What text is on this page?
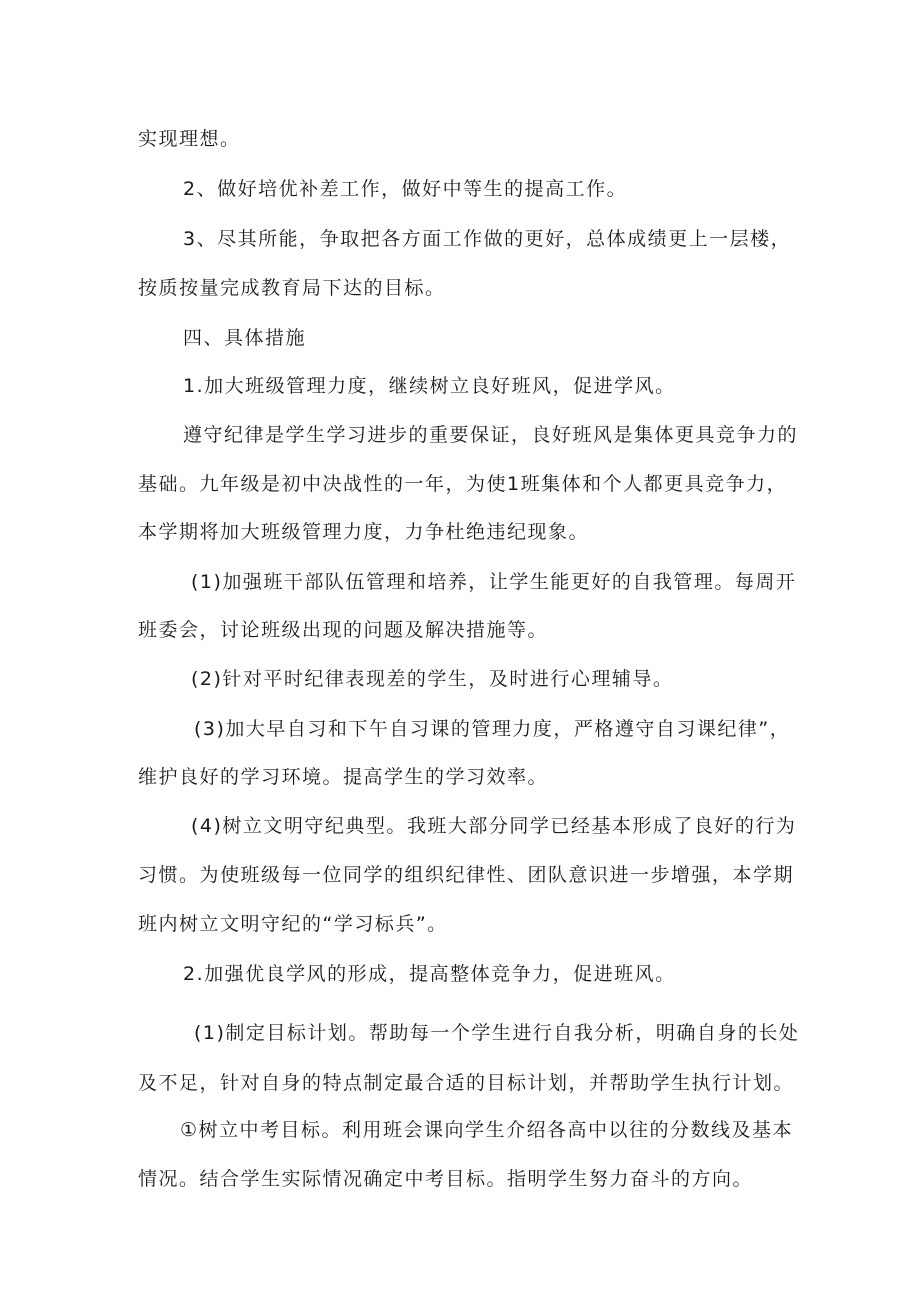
实现理想。
2、做好培优补差工作，做好中等生的提高工作。
3、尽其所能，争取把各方面工作做的更好，总体成绩更上一层楼，
按质按量完成教育局下达的目标。
四、具体措施
1.加大班级管理力度，继续树立良好班风，促进学风。
遵守纪律是学生学习进步的重要保证，良好班风是集体更具竞争力的
基础。九年级是初中决战性的一年，为使1班集体和个人都更具竞争力，
本学期将加大班级管理力度，力争杜绝违纪现象。
(1)加强班干部队伍管理和培养，让学生能更好的自我管理。每周开
班委会，讨论班级出现的问题及解决措施等。
(2)针对平时纪律表现差的学生，及时进行心理辅导。
(3)加大早自习和下午自习课的管理力度，严格遵守自习课纪律”，
维护良好的学习环境。提高学生的学习效率。
(4)树立文明守纪典型。我班大部分同学已经基本形成了良好的行为
习惯。为使班级每一位同学的组织纪律性、团队意识进一步增强，本学期
班内树立文明守纪的“学习标兵”。
2.加强优良学风的形成，提高整体竞争力，促进班风。
(1)制定目标计划。帮助每一个学生进行自我分析，明确自身的长处
及不足，针对自身的特点制定最合适的目标计划，并帮助学生执行计划。
①树立中考目标。利用班会课向学生介绍各高中以往的分数线及基本
情况。结合学生实际情况确定中考目标。指明学生努力奋斗的方向。
